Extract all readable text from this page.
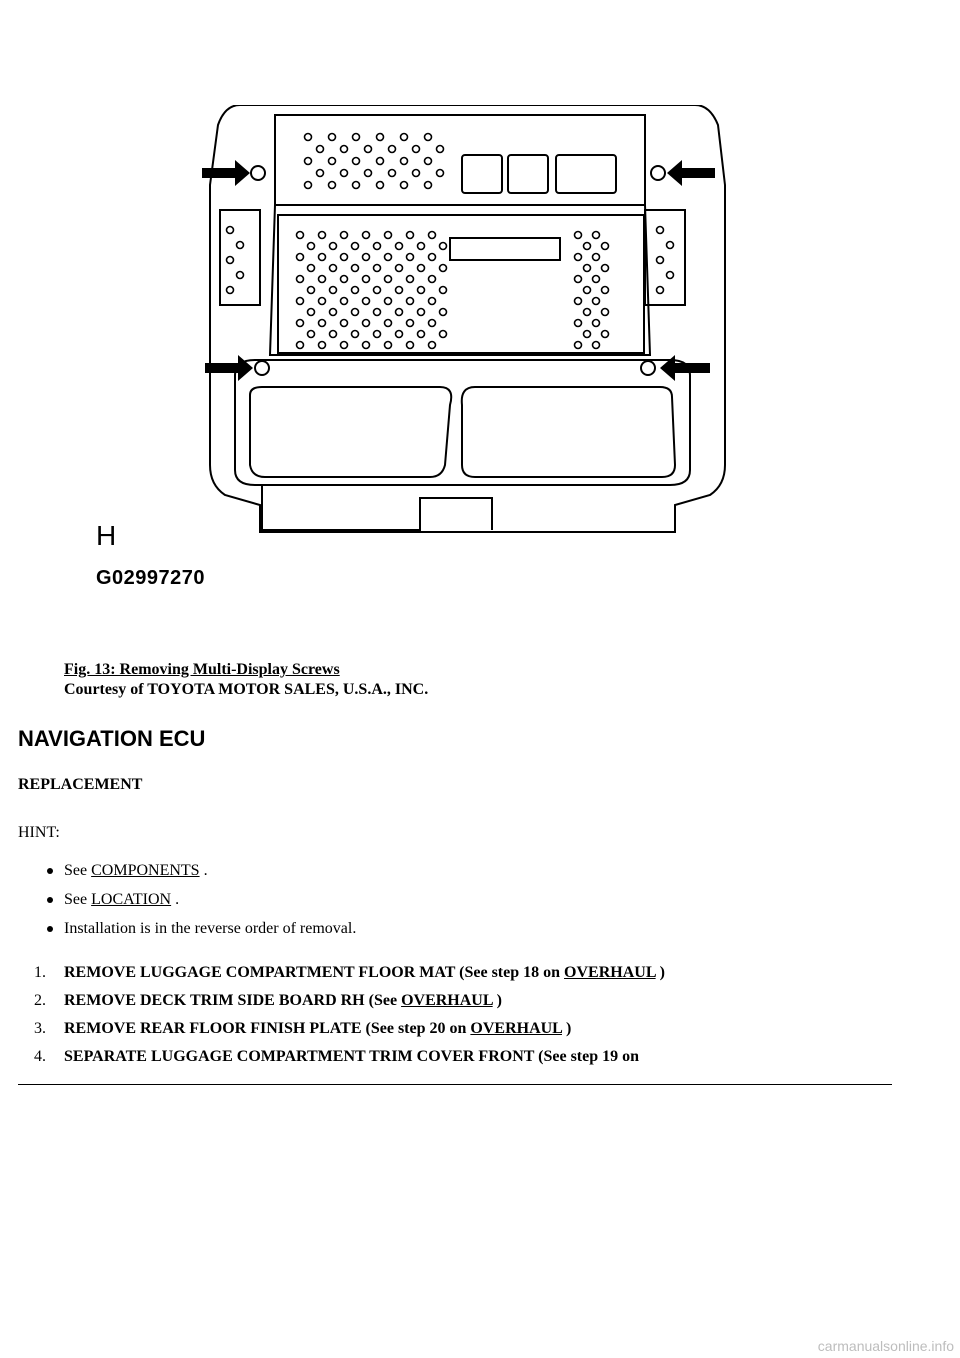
H
G02997270
Fig. 13: Removing Multi-Display Screws
Courtesy of TOYOTA MOTOR SALES, U.S.A., INC.
NAVIGATION ECU
REPLACEMENT
HINT:
See COMPONENTS .
See LOCATION .
Installation is in the reverse order of removal.
1. REMOVE LUGGAGE COMPARTMENT FLOOR MAT (See step 18 on OVERHAUL )
2. REMOVE DECK TRIM SIDE BOARD RH (See OVERHAUL )
3. REMOVE REAR FLOOR FINISH PLATE (See step 20 on OVERHAUL )
4. SEPARATE LUGGAGE COMPARTMENT TRIM COVER FRONT (See step 19 on
carmanualsonline.info
